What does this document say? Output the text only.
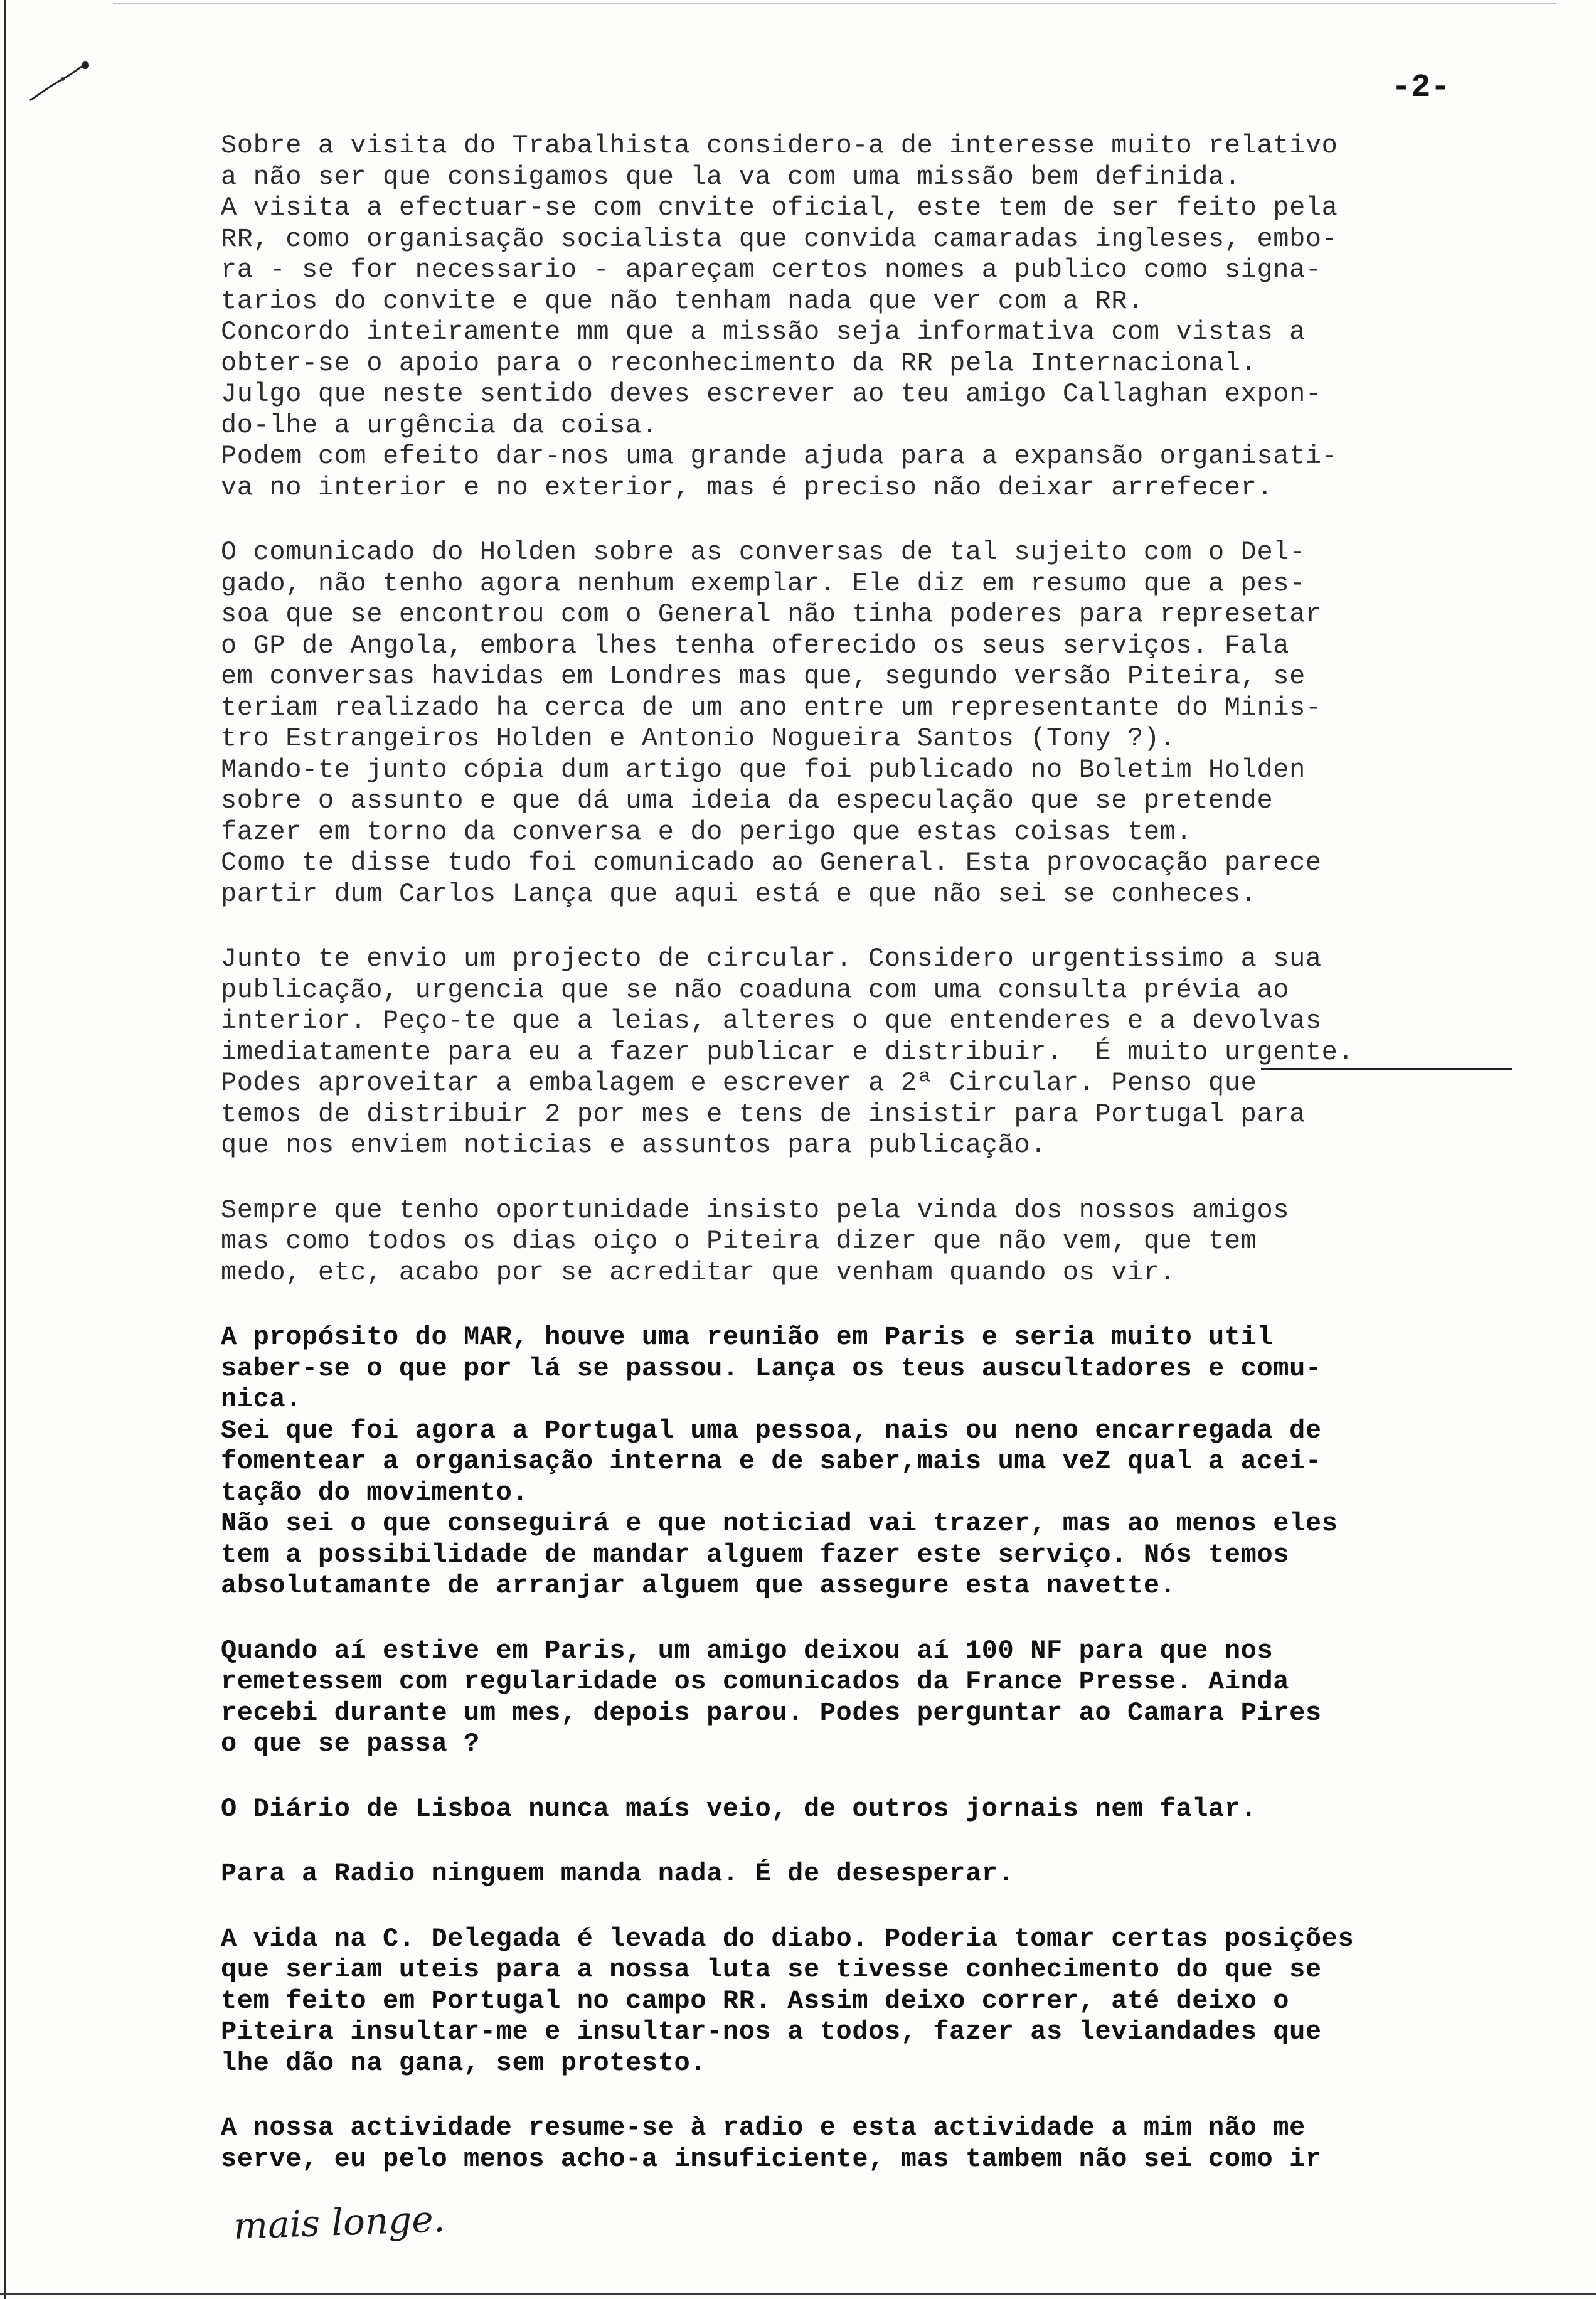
-2-
Sobre a visita do Trabalhista considero-a de interesse muito relativo
a não ser que consigamos que la va com uma missão bem definida.
A visita a efectuar-se com cnvite oficial, este tem de ser feito pela
RR, como organisação socialista que convida camaradas ingleses, embo-
ra - se for necessario - apareçam certos nomes a publico como signa-
tarios do convite e que não tenham nada que ver com a RR.
Concordo inteiramente mm que a missão seja informativa com vistas a
obter-se o apoio para o reconhecimento da RR pela Internacional.
Julgo que neste sentido deves escrever ao teu amigo Callaghan expon-
do-lhe a urgência da coisa.
Podem com efeito dar-nos uma grande ajuda para a expansão organisati-
va no interior e no exterior, mas é preciso não deixar arrefecer.
O comunicado do Holden sobre as conversas de tal sujeito com o Del-
gado, não tenho agora nenhum exemplar. Ele diz em resumo que a pes-
soa que se encontrou com o General não tinha poderes para represetar
o GP de Angola, embora lhes tenha oferecido os seus serviços. Fala
em conversas havidas em Londres mas que, segundo versão Piteira, se
teriam realizado ha cerca de um ano entre um representante do Minis-
tro Estrangeiros Holden e Antonio Nogueira Santos (Tony ?).
Mando-te junto cópia dum artigo que foi publicado no Boletim Holden
sobre o assunto e que dá uma ideia da especulação que se pretende
fazer em torno da conversa e do perigo que estas coisas tem.
Como te disse tudo foi comunicado ao General. Esta provocação parece
partir dum Carlos Lança que aqui está e que não sei se conheces.
Junto te envio um projecto de circular. Considero urgentissimo a sua
publicação, urgencia que se não coaduna com uma consulta prévia ao
interior. Peço-te que a leias, alteres o que entenderes e a devolvas
imediatamente para eu a fazer publicar e distribuir.  É muito urgente.
Podes aproveitar a embalagem e escrever a 2ª Circular. Penso que
temos de distribuir 2 por mes e tens de insistir para Portugal para
que nos enviem noticias e assuntos para publicação.
Sempre que tenho oportunidade insisto pela vinda dos nossos amigos
mas como todos os dias oiço o Piteira dizer que não vem, que tem
medo, etc, acabo por se acreditar que venham quando os vir.
A propósito do MAR, houve uma reunião em Paris e seria muito util
saber-se o que por lá se passou. Lança os teus auscultadores e comu-
nica.
Sei que foi agora a Portugal uma pessoa, nais ou neno encarregada de
fomentear a organisação interna e de saber,mais uma veZ qual a acei-
tação do movimento.
Não sei o que conseguirá e que noticiad vai trazer, mas ao menos eles
tem a possibilidade de mandar alguem fazer este serviço. Nós temos
absolutamante de arranjar alguem que assegure esta navette.
Quando aí estive em Paris, um amigo deixou aí 100 NF para que nos
remetessem com regularidade os comunicados da France Presse. Ainda
recebi durante um mes, depois parou. Podes perguntar ao Camara Pires
o que se passa ?
O Diário de Lisboa nunca maís veio, de outros jornais nem falar.
Para a Radio ninguem manda nada. É de desesperar.
A vida na C. Delegada é levada do diabo. Poderia tomar certas posições
que seriam uteis para a nossa luta se tivesse conhecimento do que se
tem feito em Portugal no campo RR. Assim deixo correr, até deixo o
Piteira insultar-me e insultar-nos a todos, fazer as leviandades que
lhe dão na gana, sem protesto.
A nossa actividade resume-se à radio e esta actividade a mim não me
serve, eu pelo menos acho-a insuficiente, mas tambem não sei como ir
mais longe.
